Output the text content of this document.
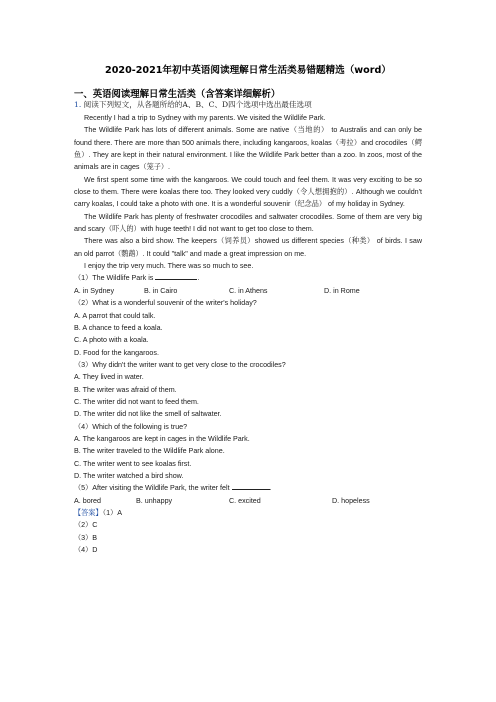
2020-2021年初中英语阅读理解日常生活类易错题精选（word）
一、英语阅读理解日常生活类（含答案详细解析）
1. 阅读下列短文，从各题所给的A、B、C、D四个选项中选出最佳选项

Recently I had a trip to Sydney with my parents. We visited the Wildlife Park.

The Wildlife Park has lots of different animals. Some are native（当地的） to Australis and can only be found there. There are more than 500 animals there, including kangaroos, koalas（考拉）and crocodiles（鳄鱼）. They are kept in their natural environment. I like the Wildlife Park better than a zoo. In zoos, most of the animals are in cages（笼子）.

We first spent some time with the kangaroos. We could touch and feel them. It was very exciting to be so close to them. There were koalas there too. They looked very cuddly（令人想拥抱的）. Although we couldn't carry koalas, I could take a photo with one. It is a wonderful souvenir（纪念品） of my holiday in Sydney.

The Wildlife Park has plenty of freshwater crocodiles and saltwater crocodiles. Some of them are very big and scary（吓人的）with huge teeth! I did not want to get too close to them.

There was also a bird show. The keepers（饲养员）showed us different species（种类） of birds. I saw an old parrot（鹦鹉）. It could "talk" and made a great impression on me.

I enjoy the trip very much. There was so much to see.

（1）The Wildlife Park is	.

A. in Sydney	B. in Cairo	C. in Athens	D. in Rome

（2）What is a wonderful souvenir of the writer's holiday?

A. A parrot that could talk.

B. A chance to feed a koala.

C. A photo with a koala.

D. Food for the kangaroos.

（3）Why didn't the writer want to get very close to the crocodiles?

A. They lived in water.

B. The writer was afraid of them.

C. The writer did not want to feed them.

D. The writer did not like the smell of saltwater.

（4）Which of the following is true?

A. The kangaroos are kept in cages in the Wildlife Park.

B. The writer traveled to the Wildlife Park alone.

C. The writer went to see koalas first.

D. The writer watched a bird show.

（5）After visiting the Wildlife Park, the writer felt	.

A. bored	B. unhappy	C. excited	D. hopeless

【答案】（1）A

（2）C

（3）B

（4）D
